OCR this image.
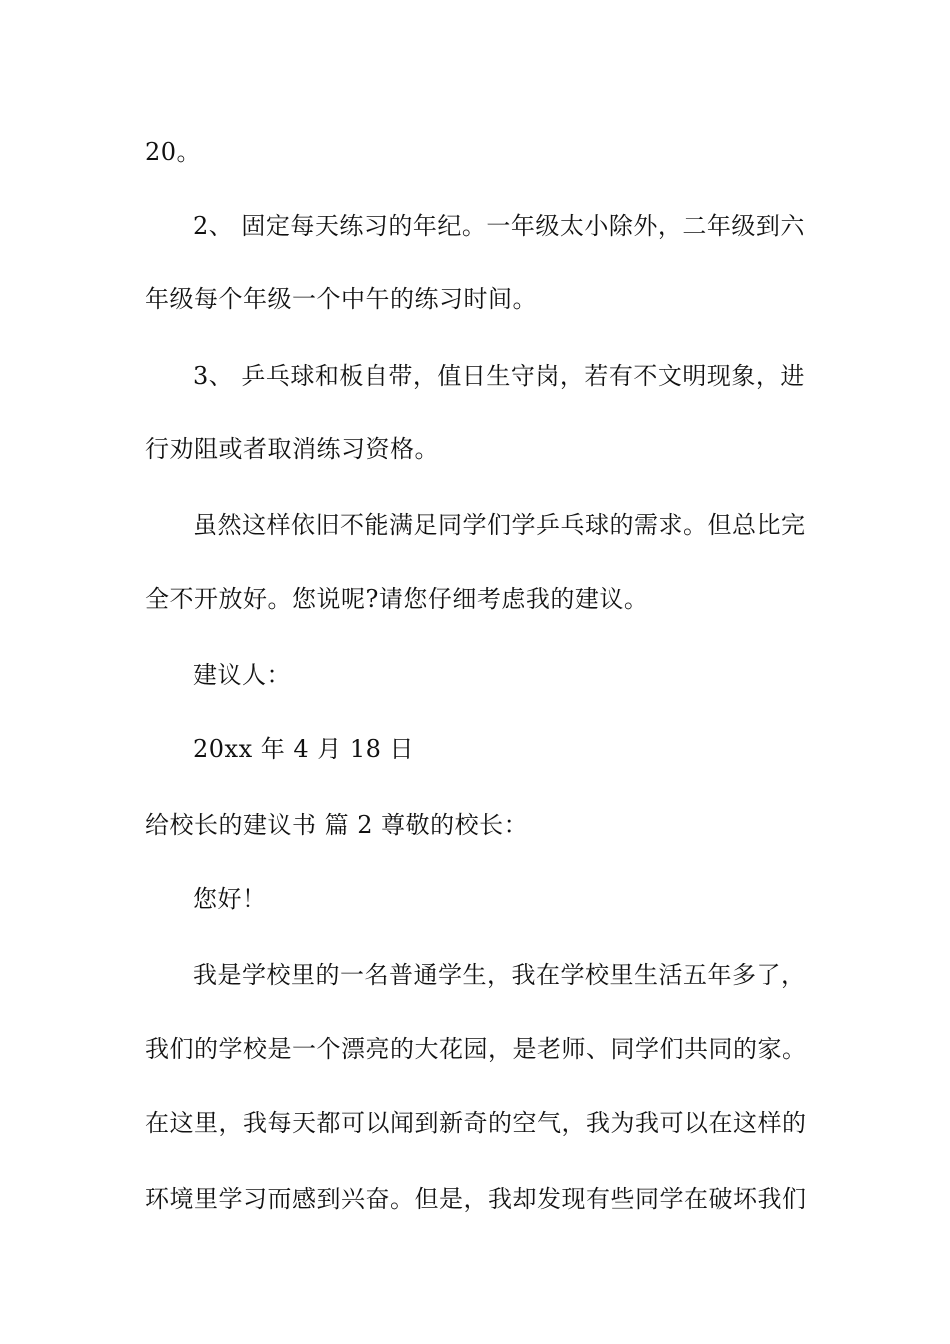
20。
2、 固定每天练习的年纪。一年级太小除外，二年级到六
年级每个年级一个中午的练习时间。
3、 乒乓球和板自带，值日生守岗，若有不文明现象，进
行劝阻或者取消练习资格。
虽然这样依旧不能满足同学们学乒乓球的需求。但总比完
全不开放好。您说呢?请您仔细考虑我的建议。
建议人：
20xx 年 4 月 18 日
给校长的建议书 篇 2 尊敬的校长：
您好！
我是学校里的一名普通学生，我在学校里生活五年多了，
我们的学校是一个漂亮的大花园，是老师、同学们共同的家。
在这里，我每天都可以闻到新奇的空气，我为我可以在这样的
环境里学习而感到兴奋。但是，我却发现有些同学在破坏我们
